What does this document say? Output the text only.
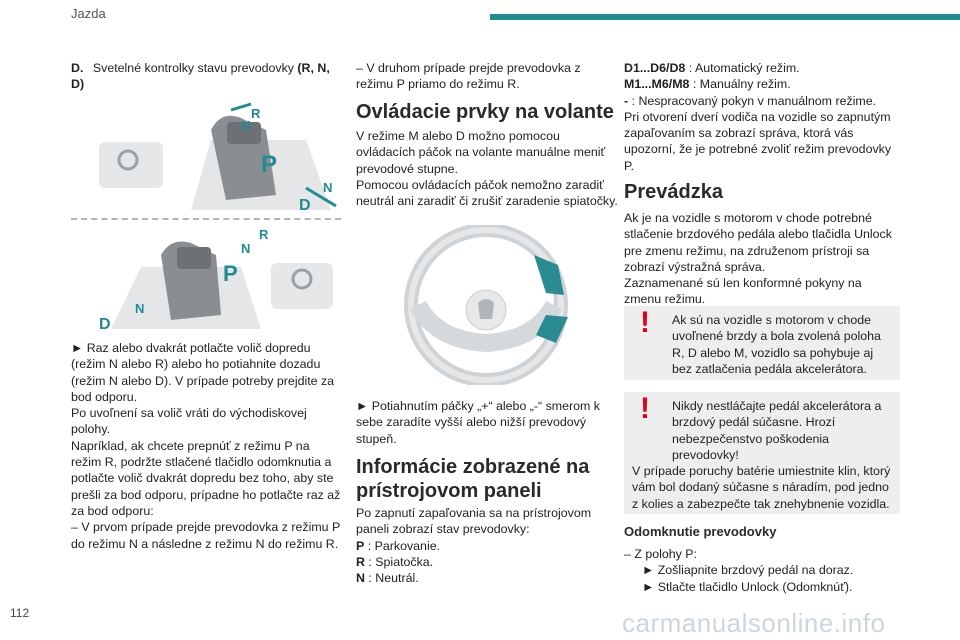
Jazda
D. Svetelné kontrolky stavu prevodovky (R, N, D)
P
R
N
N
D
P
R
N
N
D

► Raz alebo dvakrát potlačte volič dopredu (režim N alebo R) alebo ho potiahnite dozadu (režim N alebo D). V prípade potreby prejdite za bod odporu.

Po uvoľnení sa volič vráti do východiskovej polohy.

Napríklad, ak chcete prepnúť z režimu P na režim R, podržte stlačené tlačidlo odomknutia a potlačte volič dvakrát dopredu bez toho, aby ste prešli za bod odporu, prípadne ho potlačte raz až za bod odporu:

– V prvom prípade prejde prevodovka z režimu P do režimu N a následne z režimu N do režimu R.

– V druhom prípade prejde prevodovka z režimu P priamo do režimu R.

Ovládacie prvky na volante

V režime M alebo D možno pomocou ovládacích páčok na volante manuálne meniť prevodové stupne.

Pomocou ovládacích páčok nemožno zaradiť neutrál ani zaradiť či zrušiť zaradenie spiatočky.

► Potiahnutím páčky „+“ alebo „-“ smerom k sebe zaradíte vyšší alebo nižší prevodový stupeň.

Informácie zobrazené na prístrojovom paneli

Po zapnutí zapaľovania sa na prístrojovom paneli zobrazí stav prevodovky:

P : Parkovanie.

R : Spiatočka.

N : Neutrál.

D1...D6/D8 : Automatický režim.

M1...M6/M8 : Manuálny režim.

- : Nespracovaný pokyn v manuálnom režime.

Pri otvorení dverí vodiča na vozidle so zapnutým zapaľovaním sa zobrazí správa, ktorá vás upozorní, že je potrebné zvoliť režim prevodovky P.

Prevádzka

Ak je na vozidle s motorom v chode potrebné stlačenie brzdového pedála alebo tlačidla Unlock pre zmenu režimu, na združenom prístroji sa zobrazí výstražná správa.

Zaznamenané sú len konformné pokyny na zmenu režimu.

!	Ak sú na vozidle s motorom v chode uvoľnené brzdy a bola zvolená poloha R, D alebo M, vozidlo sa pohybuje aj bez zatlačenia pedála akcelerátora.

!	Nikdy nestláčajte pedál akcelerátora a brzdový pedál súčasne. Hrozí nebezpečenstvo poškodenia prevodovky!

V prípade poruchy batérie umiestnite klin, ktorý vám bol dodaný súčasne s náradím, pod jedno z kolies a zabezpečte tak znehybnenie vozidla.

Odomknutie prevodovky

– Z polohy P:

► Zošliapnite brzdový pedál na doraz.

► Stlačte tlačidlo Unlock (Odomknúť).

112	carmanualsonline.info
